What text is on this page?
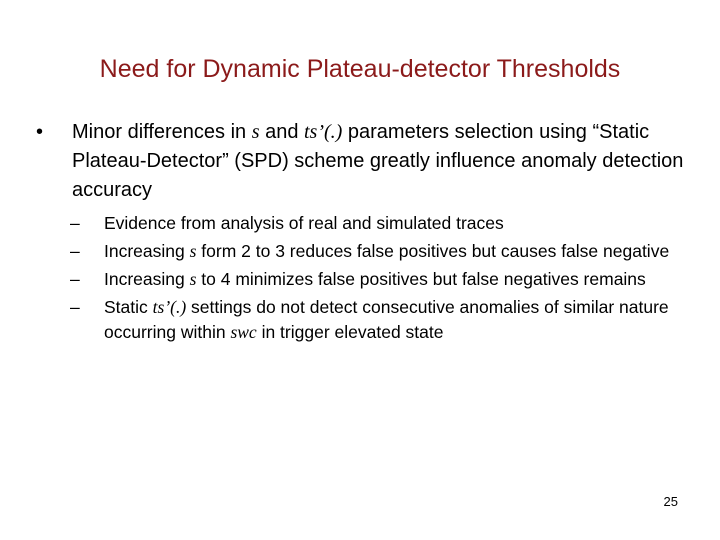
Need for Dynamic Plateau-detector Thresholds
• Minor differences in s and ts’(.) parameters selection using “Static Plateau-Detector” (SPD) scheme greatly influence anomaly detection accuracy
– Evidence from analysis of real and simulated traces
– Increasing s form 2 to 3 reduces false positives but causes false negative
– Increasing s to 4 minimizes false positives but false negatives remains
– Static ts’(.) settings do not detect consecutive anomalies of similar nature occurring within swc in trigger elevated state
25
